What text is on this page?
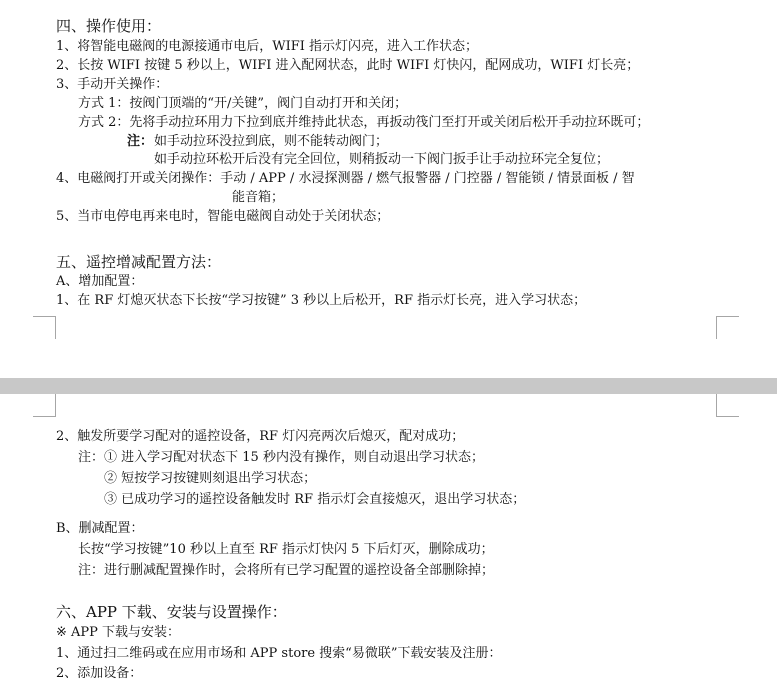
四、操作使用：
1、将智能电磁阀的电源接通市电后，WIFI 指示灯闪亮，进入工作状态；
2、长按 WIFI 按键 5 秒以上，WIFI 进入配网状态，此时 WIFI 灯快闪，配网成功，WIFI 灯长亮；
3、手动开关操作：
方式 1：按阀门顶端的“开/关键”，阀门自动打开和关闭；
方式 2：先将手动拉环用力下拉到底并维持此状态，再扳动筏门至打开或关闭后松开手动拉环既可；
注： 如手动拉环没拉到底，则不能转动阀门；
如手动拉环松开后没有完全回位，则稍扳动一下阀门扳手让手动拉环完全复位；
4、电磁阀打开或关闭操作：手动 / APP / 水浸探测器 / 燃气报警器 / 门控器 / 智能锁 / 情景面板 / 智
能音箱；
5、当市电停电再来电时，智能电磁阀自动处于关闭状态；
五、遥控增减配置方法：
A、增加配置：
1、在 RF 灯熄灭状态下长按“学习按键” 3 秒以上后松开，RF 指示灯长亮，进入学习状态；
2、触发所要学习配对的遥控设备，RF 灯闪亮两次后熄灭，配对成功；
注：① 进入学习配对状态下 15 秒内没有操作，则自动退出学习状态；
② 短按学习按键则刻退出学习状态；
③ 已成功学习的遥控设备触发时 RF 指示灯会直接熄灭，退出学习状态；
B、删减配置：
长按“学习按键”10 秒以上直至 RF 指示灯快闪 5 下后灯灭，删除成功；
注：进行删减配置操作时，会将所有已学习配置的遥控设备全部删除掉；
六、APP 下载、安装与设置操作：
※ APP 下载与安装：
1、通过扫二维码或在应用市场和 APP store 搜索“易微联”下载安装及注册：
2、添加设备：
